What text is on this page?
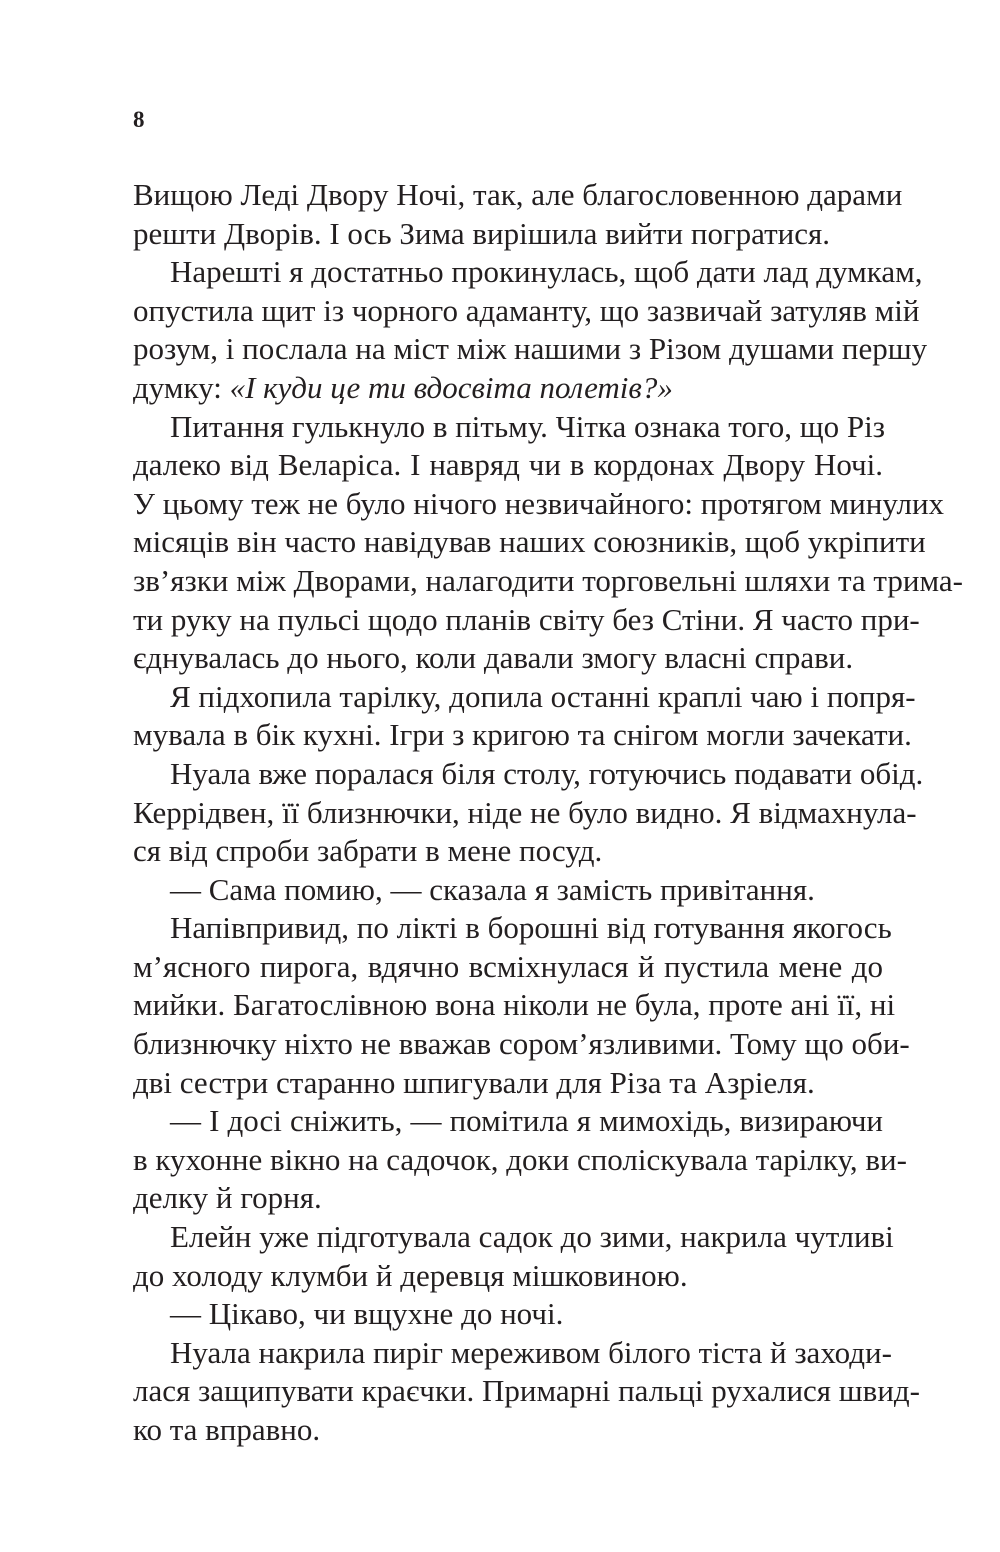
8
Вищою Леді Двору Ночі, так, але благословенною дарами
решти Дворів. І ось Зима вирішила вийти погратися.
Нарешті я достатньо прокинулась, щоб дати лад думкам,
опустила щит із чорного адаманту, що зазвичай затуляв мій
розум, і послала на міст між нашими з Різом душами першу
думку: «І куди це ти вдосвіта полетів?»
Питання гулькнуло в пітьму. Чітка ознака того, що Різ
далеко від Веларіса. І навряд чи в кордонах Двору Ночі.
У цьому теж не було нічого незвичайного: протягом минулих
місяців він часто навідував наших союзників, щоб укріпити
зв’язки між Дворами, налагодити торговельні шляхи та трима-
ти руку на пульсі щодо планів світу без Стіни. Я часто при-
єднувалась до нього, коли давали змогу власні справи.
Я підхопила тарілку, допила останні краплі чаю і попря-
мувала в бік кухні. Ігри з кригою та снігом могли зачекати.
Нуала вже поралася біля столу, готуючись подавати обід.
Керрідвен, її близнючки, ніде не було видно. Я відмахнула-
ся від спроби забрати в мене посуд.
— Сама помию, — сказала я замість привітання.
Напівпривид, по лікті в борошні від готування якогось
м’ясного пирога, вдячно всміхнулася й пустила мене до
мийки. Багатослівною вона ніколи не була, проте ані її, ні
близнючку ніхто не вважав сором’язливими. Тому що оби-
дві сестри старанно шпигували для Різа та Азріеля.
— І досі сніжить, — помітила я мимохідь, визираючи
в кухонне вікно на садочок, доки споліскувала тарілку, ви-
делку й горня.
Елейн уже підготувала садок до зими, накрила чутливі
до холоду клумби й деревця мішковиною.
— Цікаво, чи вщухне до ночі.
Нуала накрила пиріг мереживом білого тіста й заходи-
лася защипувати краєчки. Примарні пальці рухалися швид-
ко та вправно.
